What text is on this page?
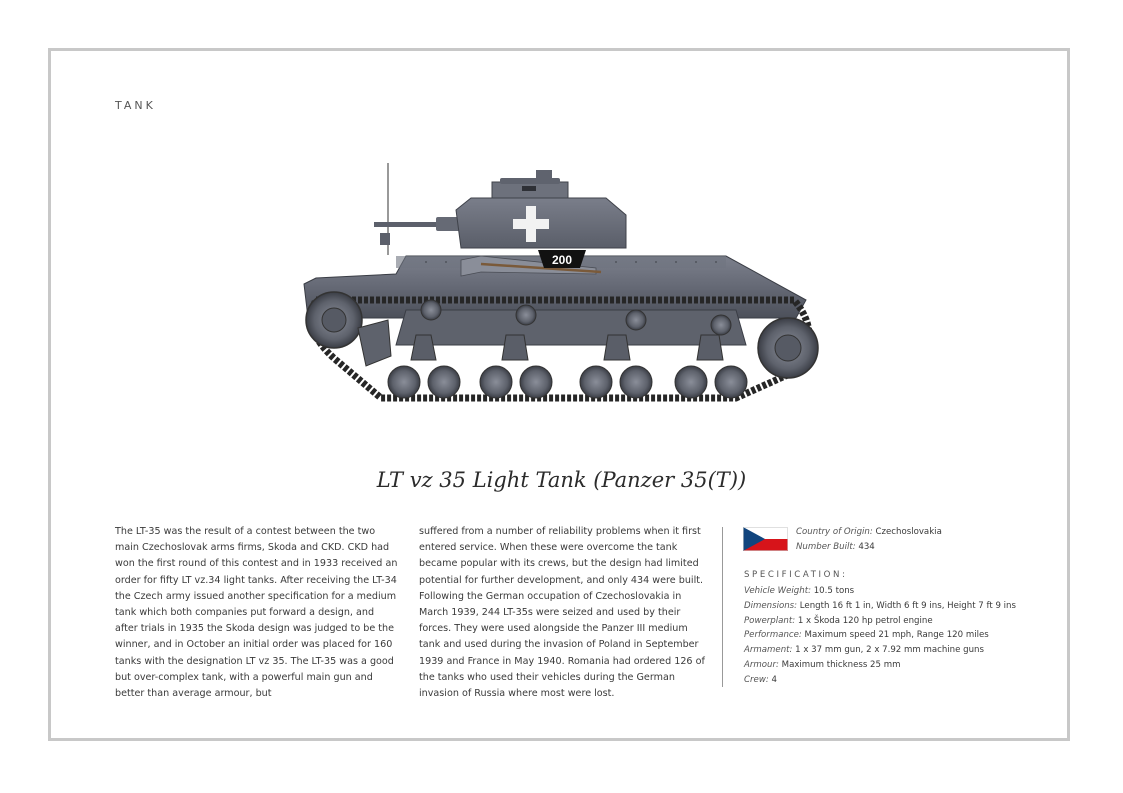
TANK
200
LT vz 35 Light Tank (Panzer 35(T))
The LT-35 was the result of a contest between the two main Czechoslovak arms firms, Skoda and CKD. CKD had won the first round of this contest and in 1933 received an order for fifty LT vz.34 light tanks. After receiving the LT-34 the Czech army issued another specification for a medium tank which both companies put forward a design, and after trials in 1935 the Skoda design was judged to be the winner, and in October an initial order was placed for 160 tanks with the designation LT vz 35. The LT-35 was a good but over-complex tank, with a powerful main gun and better than average armour, but
suffered from a number of reliability problems when it first entered service. When these were overcome the tank became popular with its crews, but the design had limited potential for further development, and only 434 were built. Following the German occupation of Czechoslovakia in March 1939, 244 LT-35s were seized and used by their forces. They were used alongside the Panzer III medium tank and used during the invasion of Poland in September 1939 and France in May 1940. Romania had ordered 126 of the tanks who used their vehicles during the German invasion of Russia where most were lost.
Country of Origin: Czechoslovakia
Number Built: 434
SPECIFICATION:
Vehicle Weight: 10.5 tons
Dimensions: Length 16 ft 1 in, Width 6 ft 9 ins, Height 7 ft 9 ins
Powerplant: 1 x Škoda 120 hp petrol engine
Performance: Maximum speed 21 mph, Range 120 miles
Armament: 1 x 37 mm gun, 2 x 7.92 mm machine guns
Armour: Maximum thickness 25 mm
Crew: 4
